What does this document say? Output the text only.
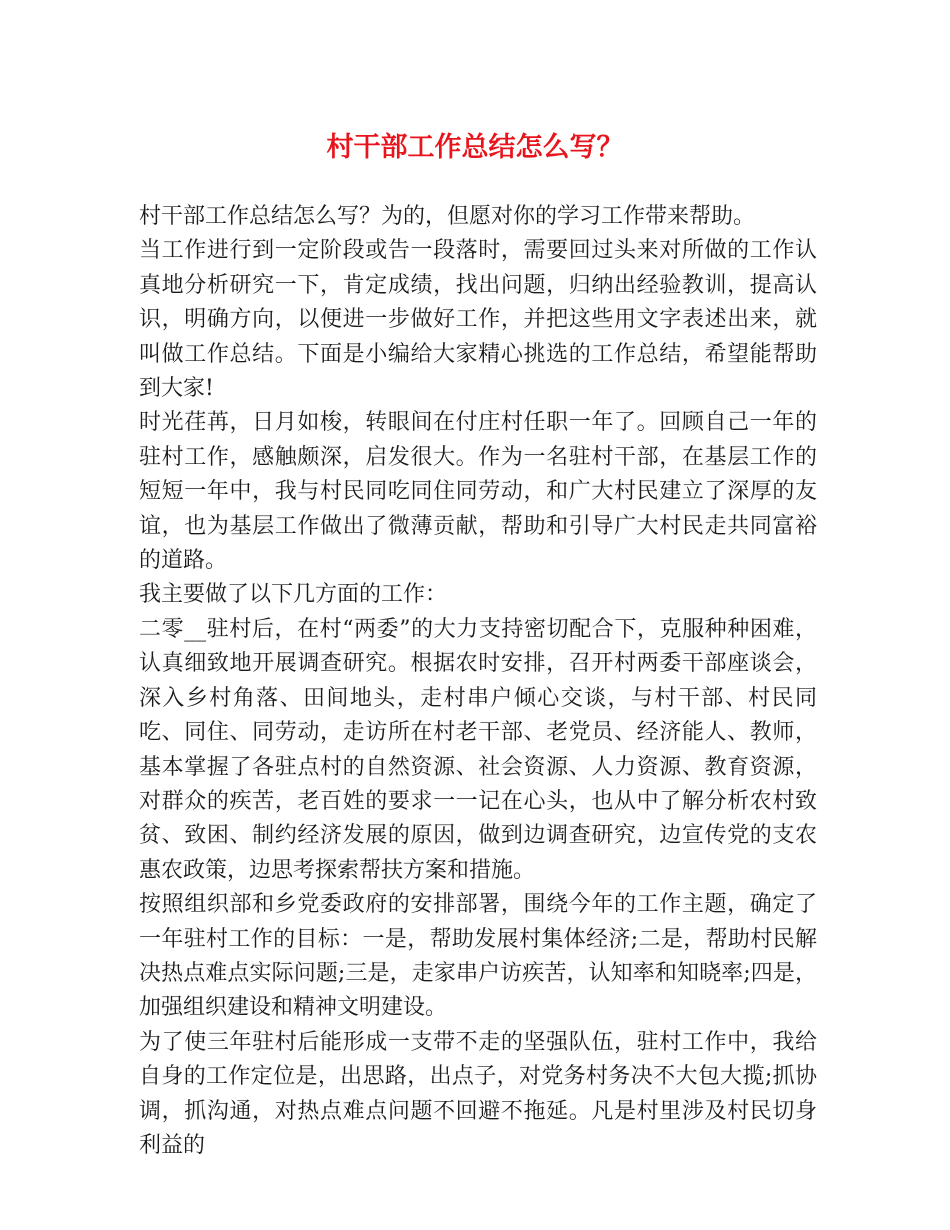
村干部工作总结怎么写？

村干部工作总结怎么写？为的，但愿对你的学习工作带来帮助。

当工作进行到一定阶段或告一段落时，需要回过头来对所做的工作认真地分析研究一下，肯定成绩，找出问题，归纳出经验教训，提高认识，明确方向，以便进一步做好工作，并把这些用文字表述出来，就叫做工作总结。下面是小编给大家精心挑选的工作总结，希望能帮助到大家!

时光荏苒，日月如梭，转眼间在付庄村任职一年了。回顾自己一年的驻村工作，感触颇深，启发很大。作为一名驻村干部，在基层工作的短短一年中，我与村民同吃同住同劳动，和广大村民建立了深厚的友谊，也为基层工作做出了微薄贡献，帮助和引导广大村民走共同富裕的道路。

我主要做了以下几方面的工作：

二零__驻村后，在村“两委”的大力支持密切配合下，克服种种困难，认真细致地开展调查研究。根据农时安排，召开村两委干部座谈会，深入乡村角落、田间地头，走村串户倾心交谈，与村干部、村民同吃、同住、同劳动，走访所在村老干部、老党员、经济能人、教师，基本掌握了各驻点村的自然资源、社会资源、人力资源、教育资源，对群众的疾苦，老百姓的要求一一记在心头，也从中了解分析农村致贫、致困、制约经济发展的原因，做到边调查研究，边宣传党的支农惠农政策，边思考探索帮扶方案和措施。

按照组织部和乡党委政府的安排部署，围绕今年的工作主题，确定了一年驻村工作的目标：一是，帮助发展村集体经济;二是，帮助村民解决热点难点实际问题;三是，走家串户访疾苦，认知率和知晓率;四是，加强组织建设和精神文明建设。

为了使三年驻村后能形成一支带不走的坚强队伍，驻村工作中，我给自身的工作定位是，出思路，出点子，对党务村务决不大包大揽;抓协调，抓沟通，对热点难点问题不回避不拖延。凡是村里涉及村民切身利益的
